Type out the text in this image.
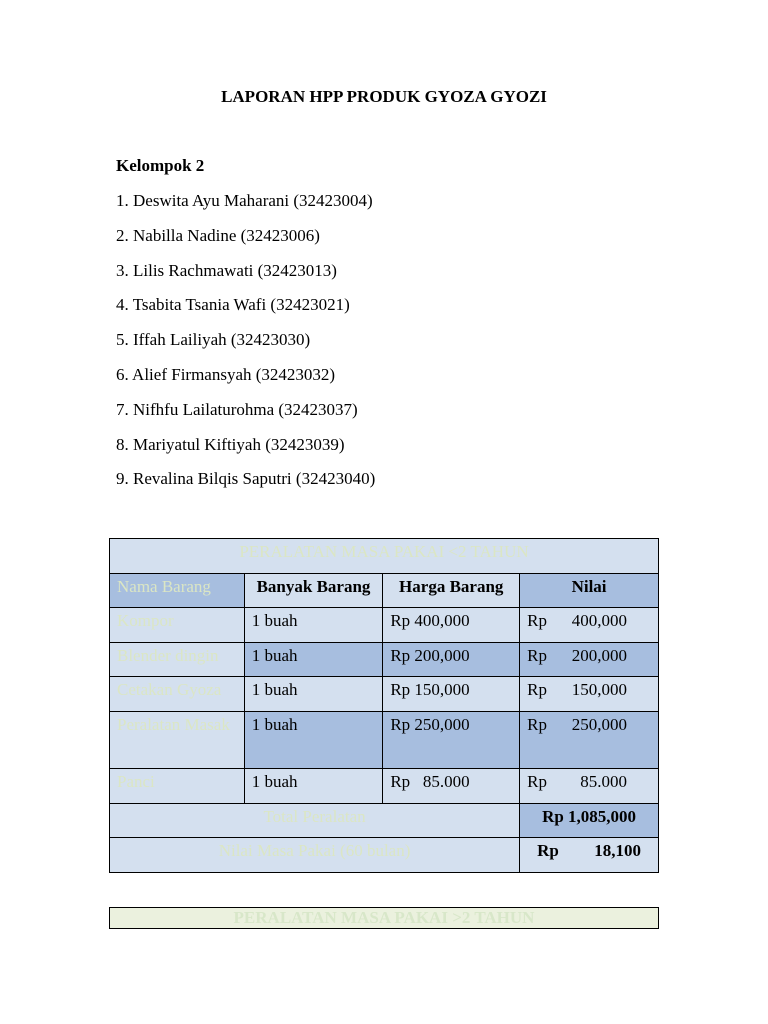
LAPORAN HPP PRODUK GYOZA GYOZI
Kelompok 2
1. Deswita Ayu Maharani (32423004)
2. Nabilla Nadine (32423006)
3. Lilis Rachmawati (32423013)
4. Tsabita Tsania Wafi (32423021)
5. Iffah Lailiyah (32423030)
6. Alief Firmansyah (32423032)
7. Nifhfu Lailaturohma (32423037)
8. Mariyatul Kiftiyah (32423039)
9. Revalina Bilqis Saputri (32423040)
PERALATAN MASA PAKAI <2 TAHUN			
Nama Barang	Banyak Barang	Harga Barang	Nilai
Kompor	1 buah	Rp 400,000	Rp 400,000

Blender dingin	1 buah	Rp 200,000	Rp 200,000

Cetakan Gyoza	1 buah	Rp 150,000	Rp 150,000

Peralatan Masak	1 buah	Rp 250,000	Rp 250,000

Panci	1 buah	Rp   85.000	Rp 85.000

Total Peralatan			Rp 1,085,000
Nilai Masa Pakai (60 bulan)			Rp 18,100
PERALATAN MASA PAKAI >2 TAHUN
